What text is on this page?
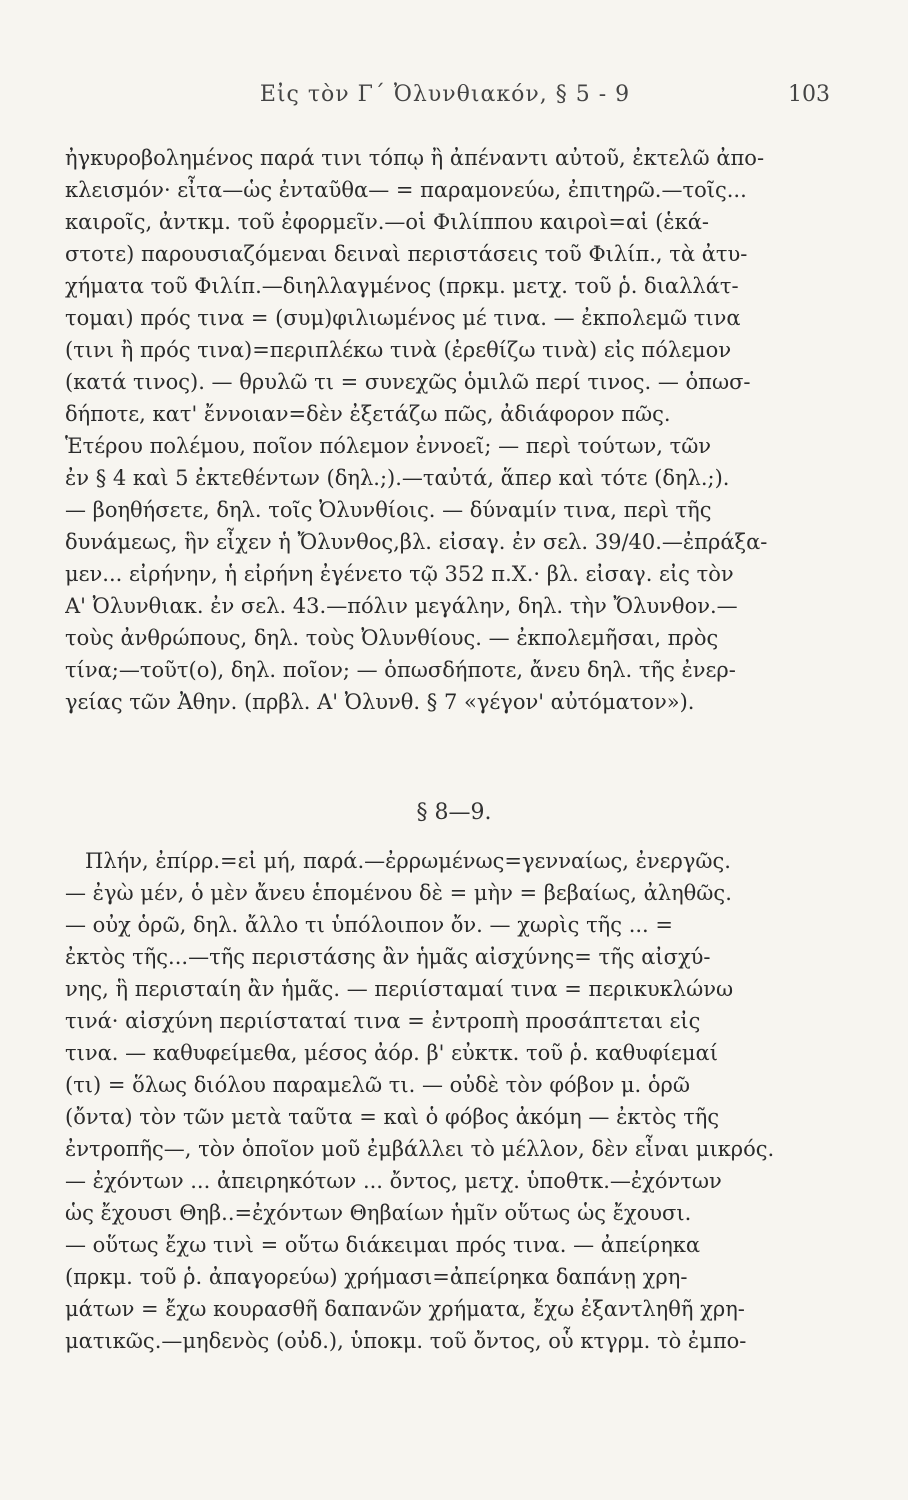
Εἰς τὸν Γ΄ Ὀλυνθιακόν, § 5 - 9	103
ἠγκυροβολημένος παρά τινι τόπῳ ἢ ἀπέναντι αὐτοῦ, ἐκτελῶ ἀπο-
κλεισμόν· εἶτα—ὡς ἐνταῦθα— = παραμονεύω, ἐπιτηρῶ.—τοῖς...
καιροῖς, ἀντκμ. τοῦ ἐφορμεῖν.—οἱ Φιλίππου καιροὶ=αἱ (ἑκά-
στοτε) παρουσιαζόμεναι δειναὶ περιστάσεις τοῦ Φιλίπ., τὰ ἀτυ-
χήματα τοῦ Φιλίπ.—διηλλαγμένος (πρκμ. μετχ. τοῦ ῥ. διαλλάτ-
τομαι) πρός τινα = (συμ)φιλιωμένος μέ τινα. — ἐκπολεμῶ τινα
(τινι ἢ πρός τινα)=περιπλέκω τινὰ (ἐρεθίζω τινὰ) εἰς πόλεμον
(κατά τινος). — θρυλῶ τι = συνεχῶς ὁμιλῶ περί τινος. — ὁπωσ-
δήποτε, κατ' ἔννοιαν=δὲν ἐξετάζω πῶς, ἀδιάφορον πῶς.
Ἑτέρου πολέμου, ποῖον πόλεμον ἐννοεῖ; — περὶ τούτων, τῶν
ἐν § 4 καὶ 5 ἐκτεθέντων (δηλ.;).—ταὐτά, ἅπερ καὶ τότε (δηλ.;).
— βοηθήσετε, δηλ. τοῖς Ὀλυνθίοις. — δύναμίν τινα, περὶ τῆς
δυνάμεως, ἣν εἶχεν ἡ Ὄλυνθος,βλ. εἰσαγ. ἐν σελ. 39/40.—ἐπράξα-
μεν... εἰρήνην, ἡ εἰρήνη ἐγένετο τῷ 352 π.Χ.· βλ. εἰσαγ. εἰς τὸν
Α' Ὀλυνθιακ. ἐν σελ. 43.—πόλιν μεγάλην, δηλ. τὴν Ὄλυνθον.—
τοὺς ἀνθρώπους, δηλ. τοὺς Ὀλυνθίους. — ἐκπολεμῆσαι, πρὸς
τίνα;—τοῦτ(ο), δηλ. ποῖον; — ὁπωσδήποτε, ἄνευ δηλ. τῆς ἐνερ-
γείας τῶν Ἀθην. (πρβλ. Α' Ὀλυνθ. § 7 «γέγον' αὐτόματον»).
§ 8—9.
Πλήν, ἐπίρρ.=εἰ μή, παρά.—ἐρρωμένως=γενναίως, ἐνεργῶς.
— ἐγὼ μέν, ὁ μὲν ἄνευ ἑπομένου δὲ = μὴν = βεβαίως, ἀληθῶς.
— οὐχ ὁρῶ, δηλ. ἄλλο τι ὑπόλοιπον ὄν. — χωρὶς τῆς ... =
ἐκτὸς τῆς...—τῆς περιστάσης ἂν ἡμᾶς αἰσχύνης= τῆς αἰσχύ-
νης, ἣ περισταίη ἂν ἡμᾶς. — περιίσταμαί τινα = περικυκλώνω
τινά· αἰσχύνη περιίσταταί τινα = ἐντροπὴ προσάπτεται εἰς
τινα. — καθυφείμεθα, μέσος ἀόρ. β' εὐκτκ. τοῦ ῥ. καθυφίεμαί
(τι) = ὅλως διόλου παραμελῶ τι. — οὐδὲ τὸν φόβον μ. ὁρῶ
(ὄντα) τὸν τῶν μετὰ ταῦτα = καὶ ὁ φόβος ἀκόμη — ἐκτὸς τῆς
ἐντροπῆς—, τὸν ὁποῖον μοῦ ἐμβάλλει τὸ μέλλον, δὲν εἶναι μικρός.
— ἐχόντων ... ἀπειρηκότων ... ὄντος, μετχ. ὑποθτκ.—ἐχόντων
ὡς ἔχουσι Θηβ..=ἐχόντων Θηβαίων ἡμῖν οὕτως ὡς ἔχουσι.
— οὕτως ἔχω τινὶ = οὕτω διάκειμαι πρός τινα. — ἀπείρηκα
(πρκμ. τοῦ ῥ. ἀπαγορεύω) χρήμασι=ἀπείρηκα δαπάνῃ χρη-
μάτων = ἔχω κουρασθῆ δαπανῶν χρήματα, ἔχω ἐξαντληθῆ χρη-
ματικῶς.—μηδενὸς (οὐδ.), ὑποκμ. τοῦ ὄντος, οὗ κτγρμ. τὸ ἐμπο-
